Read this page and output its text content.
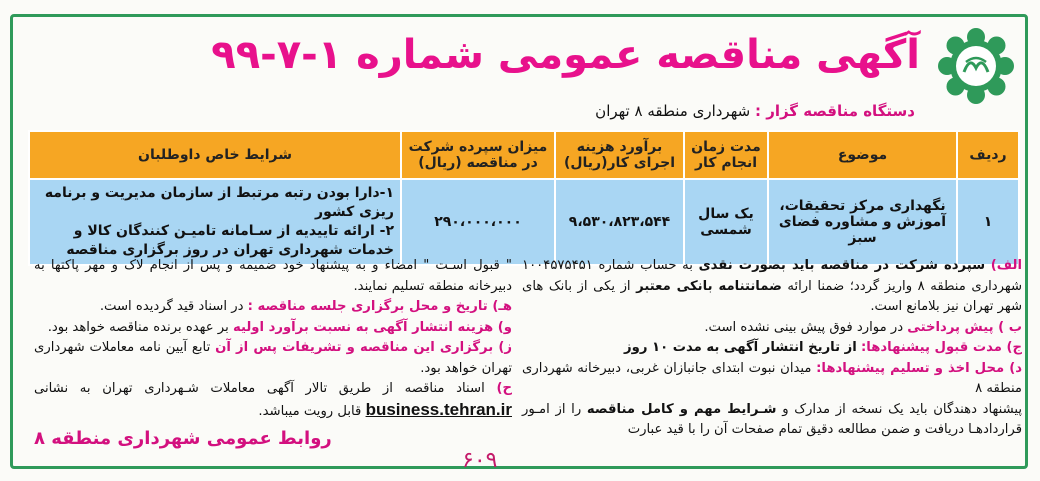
آگهی مناقصه عمومی شماره ۱-۷-۹۹
دستگاه مناقصه گزار : شهرداری منطقه ۸ تهران
ردیف	موضوع	مدت زمان انجام کار	برآورد هزینه اجرای کار(ریال)	میزان سپرده شرکت در مناقصه (ریال)	شرایط خاص داوطلبان
۱	نگهداری مرکز تحقیقات، آموزش و مشاوره فضای سبز	یک سال شمسی	۹،۵۳۰،۸۲۳،۵۴۴	۲۹۰،۰۰۰،۰۰۰	۱-دارا بودن رتبه مرتبط از سازمان مدیریت و برنامه ریزی کشور
۲- ارائه تاییدیه از سـامانه تامیـن کنندگان کالا و خدمات شهرداری تهران در روز برگزاری مناقصه

الف) سپرده شرکت در مناقصه باید بصورت نقدی به حساب شماره ۱۰۰۴۵۷۵۴۵۱ شهرداری منطقه ۸ واریز گردد؛ ضمنا ارائه ضمانتنامه بانکی معتبر از یکی از بانک های شهر تهران نیز بلامانع است.

ب ) پیش پرداختی در موارد فوق پیش بینی نشده است.

ج) مدت قبول پیشنهادها: از تاریخ انتشار آگهی به مدت ۱۰ روز

د) محل اخذ و تسلیم پیشنهادها: میدان نبوت ابتدای جانبازان غربی، دبیرخانه شهرداری منطقه ۸

پیشنهاد دهندگان باید یک نسخه از مدارک و شـرایط مهم و کامل مناقصه را از امـور قراردادهـا دریافت و ضمن مطالعه دقیق تمام صفحات آن را با قید عبارت

" قبول اسـت " امضاء و به پیشنهاد خود ضمیمه و پس از انجام لاک و مهر پاکتها به دبیرخانه منطقه تسلیم نمایند.

هـ) تاریخ و محل برگزاری جلسه مناقصه : در اسناد قید گردیده است.

و) هزینه انتشار آگهی به نسبت برآورد اولیه بر عهده برنده مناقصه خواهد بود.

ز) برگزاری این مناقصه و تشریفات پس از آن تابع آیین نامه معاملات شهرداری تهران خواهد بود.

ح) اسناد مناقصه از طریق تالار آگهی معاملات شـهرداری تهران به نشانی business.tehran.ir قابل رویت میباشد.

روابط عمومی شهرداری منطقه ۸
۶۰۹
